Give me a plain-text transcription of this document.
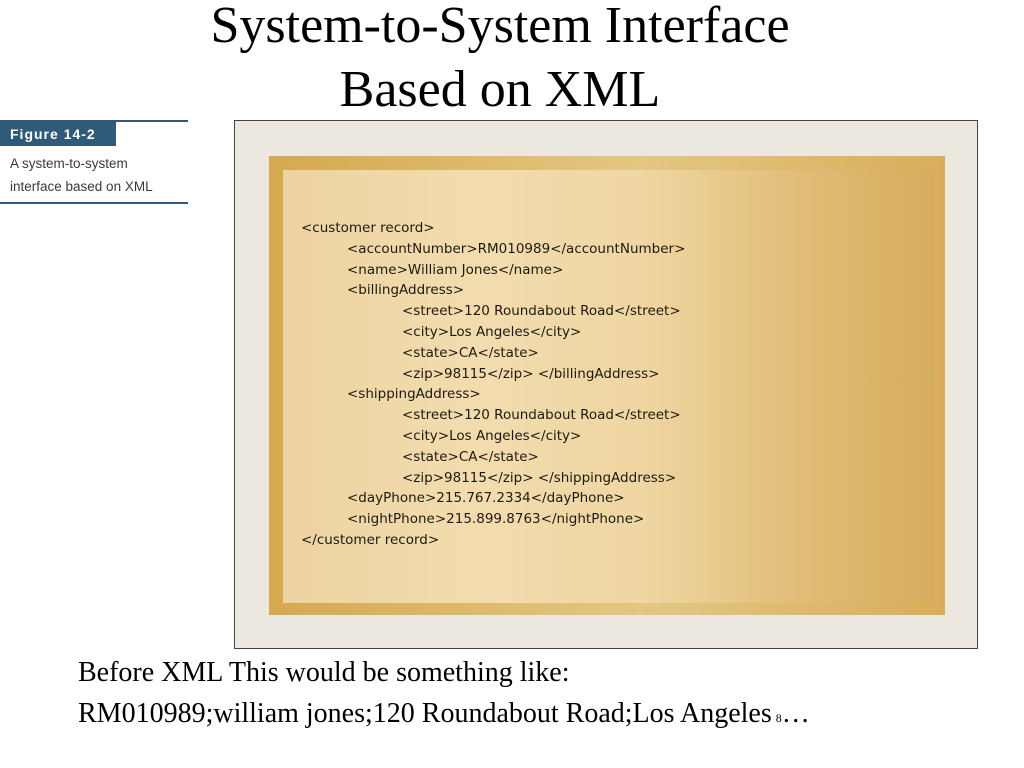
System-to-System Interface
Based on XML
Figure 14-2
A system-to-system
interface based on XML
<customer record>
<accountNumber>RM010989</accountNumber>
<name>William Jones</name>
<billingAddress>
<street>120 Roundabout Road</street>
<city>Los Angeles</city>
<state>CA</state>
<zip>98115</zip> </billingAddress>
<shippingAddress>
<street>120 Roundabout Road</street>
<city>Los Angeles</city>
<state>CA</state>
<zip>98115</zip> </shippingAddress>
<dayPhone>215.767.2334</dayPhone>
<nightPhone>215.899.8763</nightPhone>
</customer record>
Before XML This would be something like:
RM010989;william jones;120 Roundabout Road;Los Angeles 8…
